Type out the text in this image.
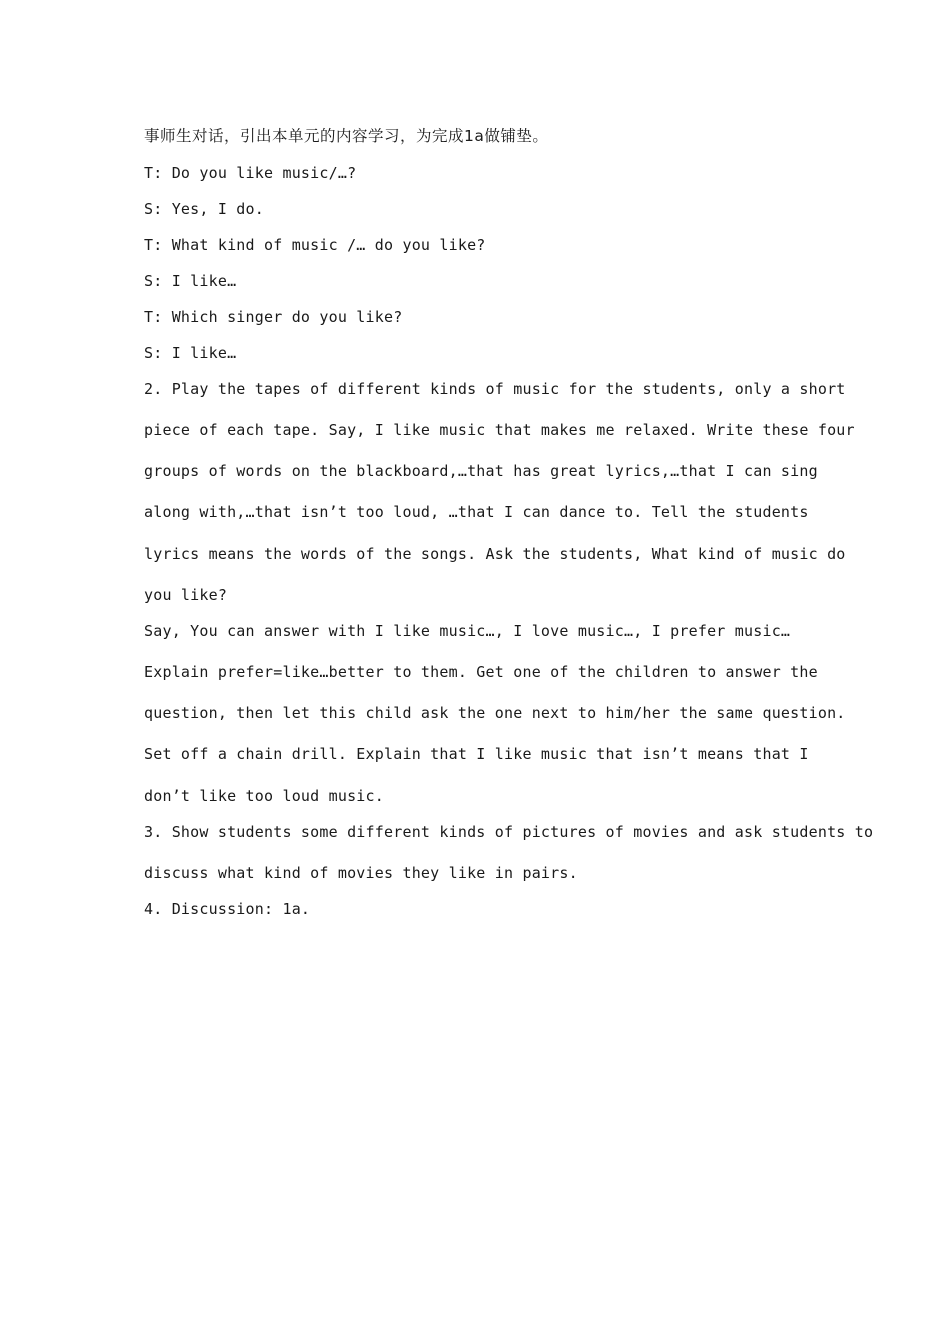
事师生对话，引出本单元的内容学习，为完成1a做铺垫。
T: Do you like music/…?
S: Yes, I do.
T: What kind of music /… do you like?
S: I like…
T: Which singer do you like?
S: I like…
2. Play the tapes of different kinds of music for the students, only a short
piece of each tape. Say, I like music that makes me relaxed. Write these four
groups of words on the blackboard,…that has great lyrics,…that I can sing
along with,…that isn’t too loud, …that I can dance to. Tell the students
lyrics means the words of the songs. Ask the students, What kind of music do
you like?
Say, You can answer with I like music…, I love music…, I prefer music…
Explain prefer=like…better to them. Get one of the children to answer the
question, then let this child ask the one next to him/her the same question.
Set off a chain drill. Explain that I like music that isn’t means that I
don’t like too loud music.
3. Show students some different kinds of pictures of movies and ask students to
discuss what kind of movies they like in pairs.
4. Discussion: 1a.
